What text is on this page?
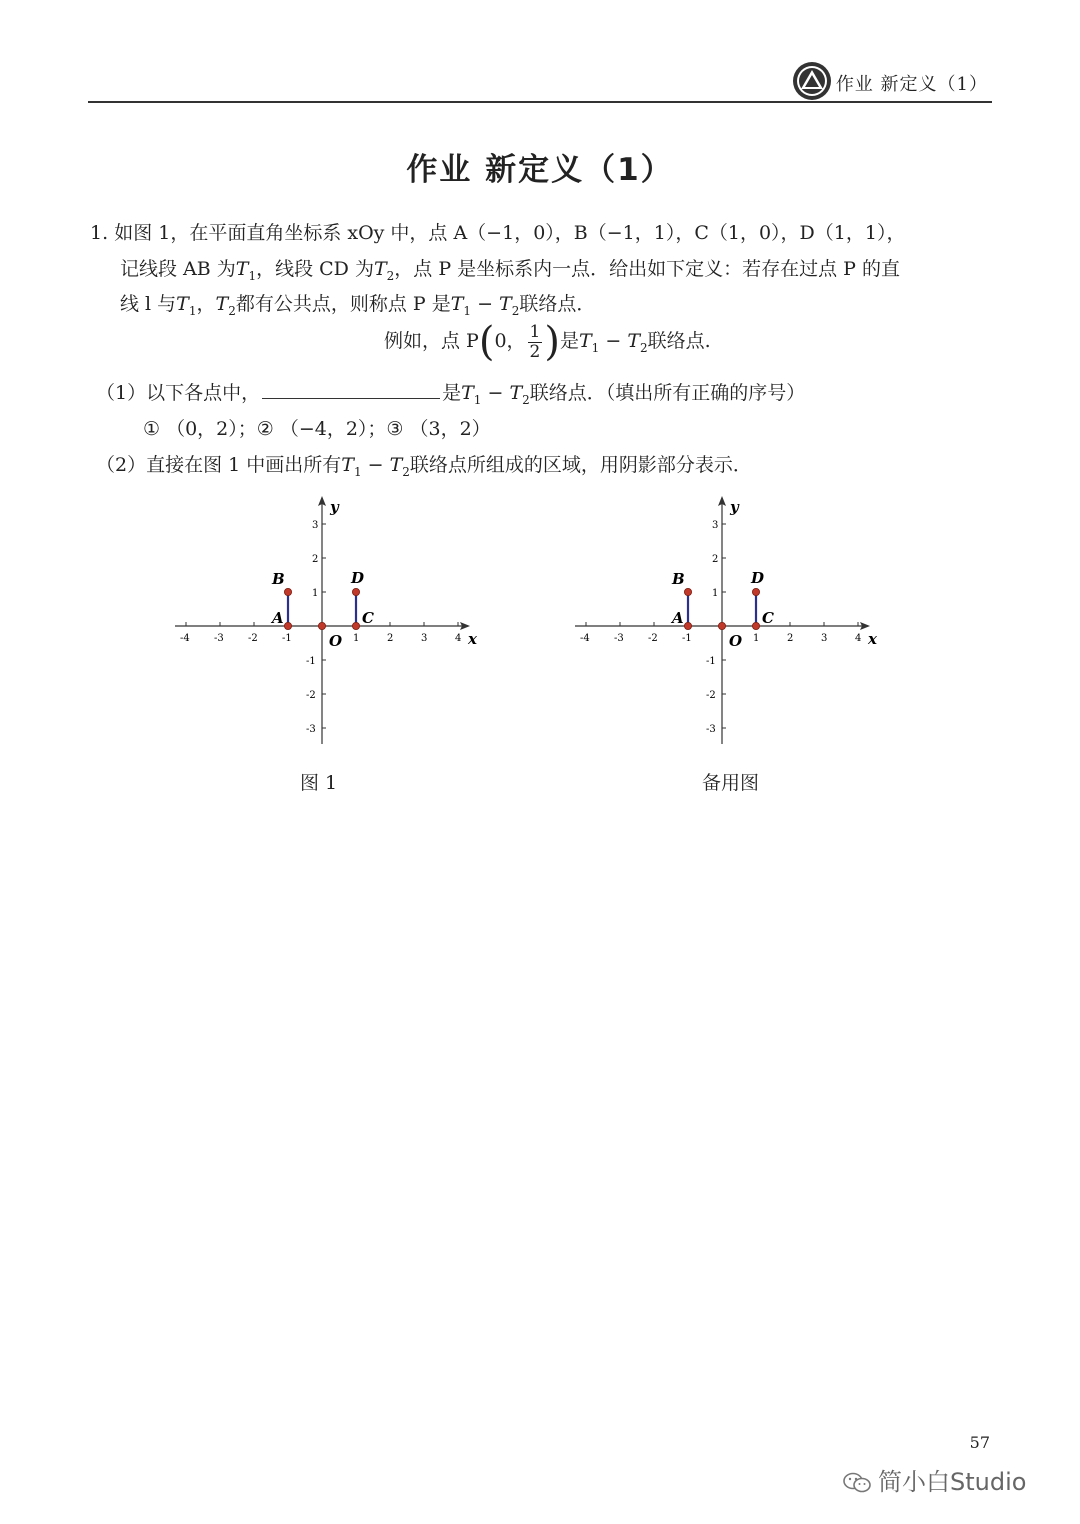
作业 新定义（1）
作业 新定义（1）
1. 如图 1，在平面直角坐标系 xOy 中，点 A（−1，0），B（−1，1），C（1，0），D（1，1），
记线段 AB 为$T_1$，线段 CD 为$T_2$，点 P 是坐标系内一点．给出如下定义：若存在过点 P 的直
线 l 与$T_1$，$T_2$都有公共点，则称点 P 是$T_1 - T_2$联络点．
例如，点 P(0， $\frac{1}{2}$ )是$T_1 - T_2$联络点.
（1）以下各点中，	是$T_1 - T_2$联络点．（填出所有正确的序号）
① （0，2）；② （−4，2）；③ （3，2）
（2）直接在图 1 中画出所有$T_1 - T_2$联络点所组成的区域，用阴影部分表示．
x
y
O
-4 -3 -2 -1	1	2	3	4
1
2
3
-1
-2
-3
A
B
C
D
x
y
O
-4 -3 -2 -1	1	2	3	4
1
2
3
-1
-2
-3
A
B
C
D
图 1	备用图
57
简小白Studio
